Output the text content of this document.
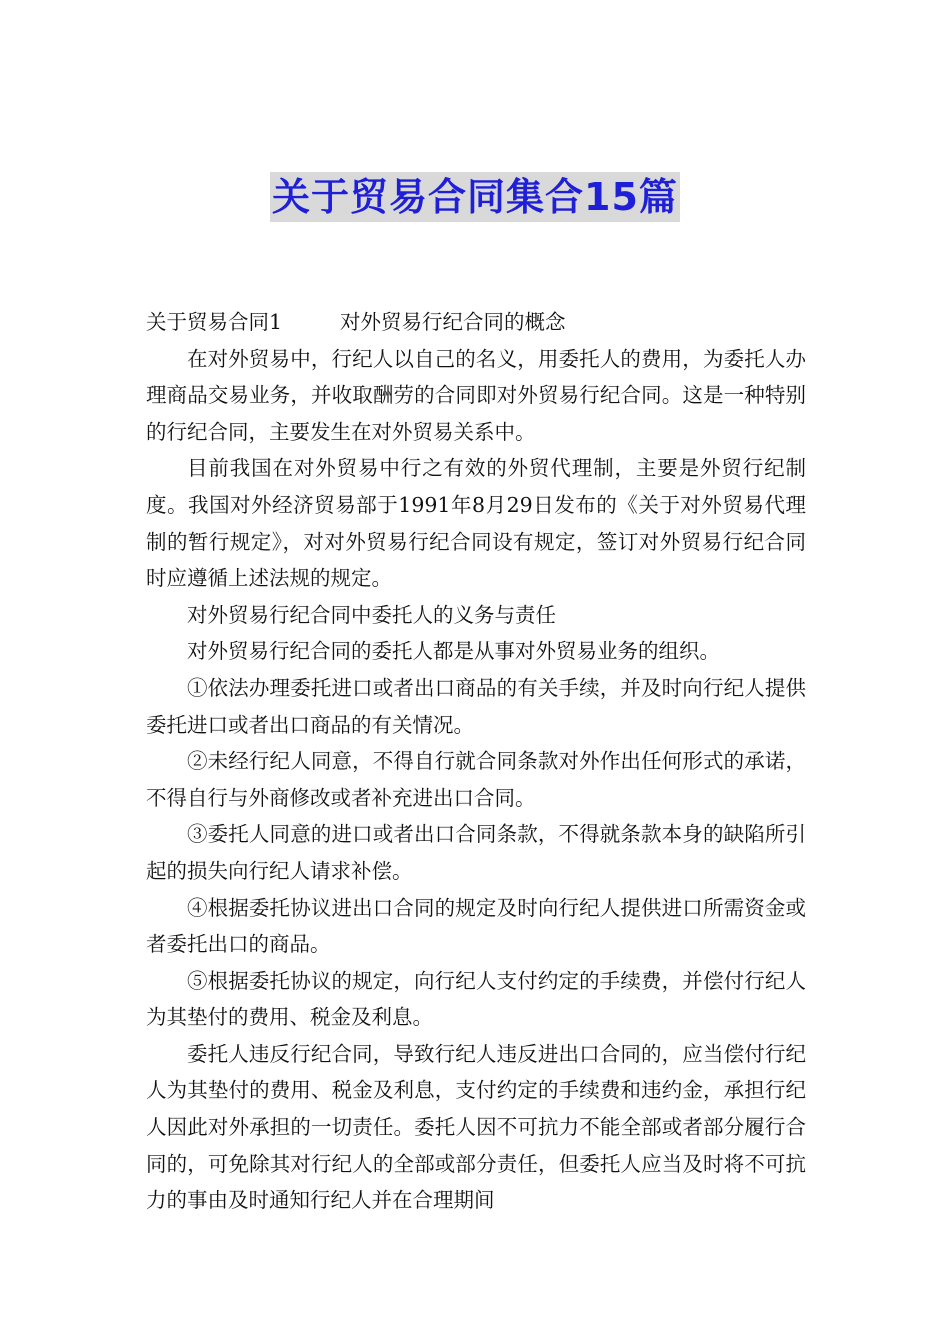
关于贸易合同集合15篇

关于贸易合同1	对外贸易行纪合同的概念

在对外贸易中，行纪人以自己的名义，用委托人的费用，为委托人办理商品交易业务，并收取酬劳的合同即对外贸易行纪合同。这是一种特别的行纪合同，主要发生在对外贸易关系中。

目前我国在对外贸易中行之有效的外贸代理制，主要是外贸行纪制度。我国对外经济贸易部于1991年8月29日发布的《关于对外贸易代理制的暂行规定》，对对外贸易行纪合同设有规定，签订对外贸易行纪合同时应遵循上述法规的规定。

对外贸易行纪合同中委托人的义务与责任

对外贸易行纪合同的委托人都是从事对外贸易业务的组织。

①依法办理委托进口或者出口商品的有关手续，并及时向行纪人提供委托进口或者出口商品的有关情况。

②未经行纪人同意，不得自行就合同条款对外作出任何形式的承诺，不得自行与外商修改或者补充进出口合同。

③委托人同意的进口或者出口合同条款，不得就条款本身的缺陷所引起的损失向行纪人请求补偿。

④根据委托协议进出口合同的规定及时向行纪人提供进口所需资金或者委托出口的商品。

⑤根据委托协议的规定，向行纪人支付约定的手续费，并偿付行纪人为其垫付的费用、税金及利息。

委托人违反行纪合同，导致行纪人违反进出口合同的，应当偿付行纪人为其垫付的费用、税金及利息，支付约定的手续费和违约金，承担行纪人因此对外承担的一切责任。委托人因不可抗力不能全部或者部分履行合同的，可免除其对行纪人的全部或部分责任，但委托人应当及时将不可抗力的事由及时通知行纪人并在合理期间
